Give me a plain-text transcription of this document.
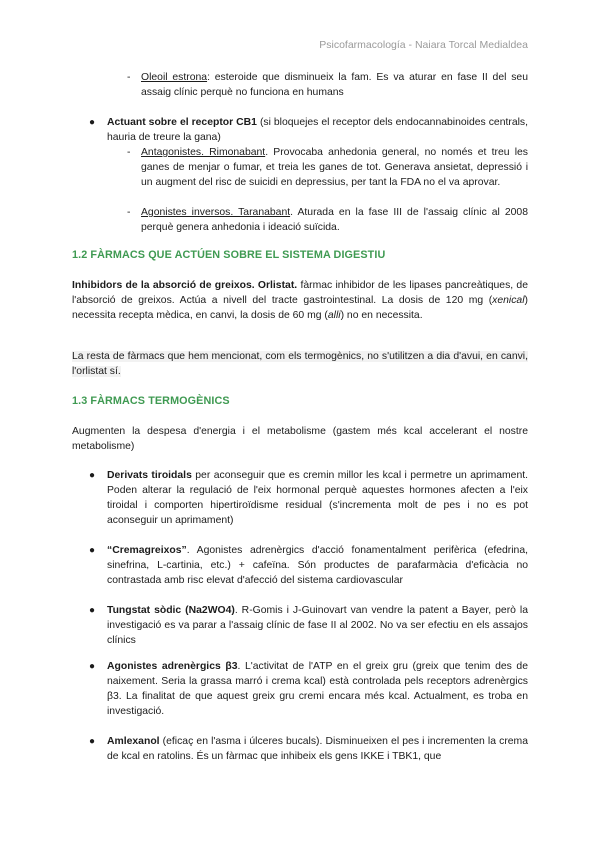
Psicofarmacología - Naiara Torcal Medialdea
-	Oleoil estrona: esteroide que disminueix la fam. Es va aturar en fase II del seu assaig clínic perquè no funciona en humans
●	Actuant sobre el receptor CB1 (si bloquejes el receptor dels endocannabinoides centrals, hauria de treure la gana)
-	Antagonistes. Rimonabant. Provocaba anhedonia general, no només et treu les ganes de menjar o fumar, et treia les ganes de tot. Generava ansietat, depressió i un augment del risc de suicidi en depressius, per tant la FDA no el va aprovar.
-	Agonistes inversos. Taranabant. Aturada en la fase III de l'assaig clínic al 2008 perquè genera anhedonia i ideació suïcida.
1.2 FÀRMACS QUE ACTÚEN SOBRE EL SISTEMA DIGESTIU

Inhibidors de la absorció de greixos. Orlistat. fàrmac inhibidor de les lipases pancreàtiques, de l'absorció de greixos. Actúa a nivell del tracte gastrointestinal. La dosis de 120 mg (xenical) necessita recepta mèdica, en canvi, la dosis de 60 mg (alli) no en necessita.

La resta de fàrmacs que hem mencionat, com els termogènics, no s'utilitzen a dia d'avui, en canvi, l'orlistat sí.

1.3 FÀRMACS TERMOGÈNICS

Augmenten la despesa d'energia i el metabolisme (gastem més kcal accelerant el nostre metabolisme)

●	Derivats tiroidals per aconseguir que es cremin millor les kcal i permetre un aprimament. Poden alterar la regulació de l'eix hormonal perquè aquestes hormones afecten a l'eix tiroidal i comporten hipertiroïdisme residual (s'incrementa molt de pes i no es pot aconseguir un aprimament)
●	“Cremagreixos”. Agonistes adrenèrgics d'acció fonamentalment perifèrica (efedrina, sinefrina, L-cartinia, etc.) + cafeïna. Són productes de parafarmàcia d'eficàcia no contrastada amb risc elevat d'afecció del sistema cardiovascular
●	Tungstat sòdic (Na2WO4). R-Gomis i J-Guinovart van vendre la patent a Bayer, però la investigació es va parar a l'assaig clínic de fase II al 2002. No va ser efectiu en els assajos clínics
●	Agonistes adrenèrgics β3. L'activitat de l'ATP en el greix gru (greix que tenim des de naixement. Seria la grassa marró i crema kcal) està controlada pels receptors adrenèrgics β3. La finalitat de que aquest greix gru cremi encara més kcal. Actualment, es troba en investigació.
●	Amlexanol (eficaç en l'asma i úlceres bucals). Disminueixen el pes i incrementen la crema de kcal en ratolins. És un fàrmac que inhibeix els gens IKKE i TBK1, que
